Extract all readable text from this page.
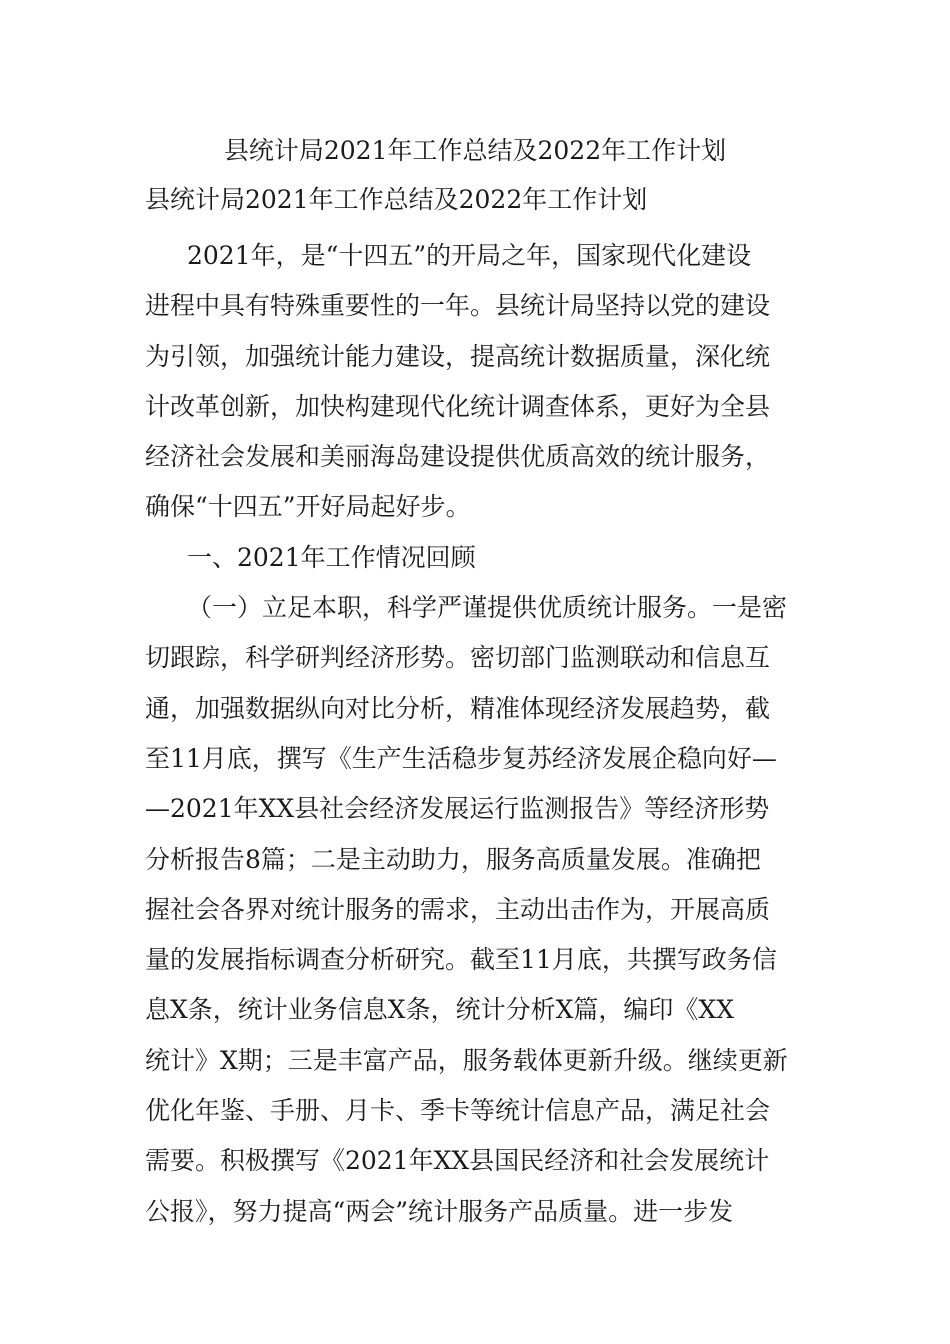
县统计局2021年工作总结及2022年工作计划
县统计局2021年工作总结及2022年工作计划
2021年，是“十四五”的开局之年，国家现代化建设
进程中具有特殊重要性的一年。县统计局坚持以党的建设
为引领，加强统计能力建设，提高统计数据质量，深化统
计改革创新，加快构建现代化统计调查体系，更好为全县
经济社会发展和美丽海岛建设提供优质高效的统计服务，
确保“十四五”开好局起好步。
一、2021年工作情况回顾
（一）立足本职，科学严谨提供优质统计服务。一是密
切跟踪，科学研判经济形势。密切部门监测联动和信息互
通，加强数据纵向对比分析，精准体现经济发展趋势，截
至11月底，撰写《生产生活稳步复苏经济发展企稳向好—
—2021年XX县社会经济发展运行监测报告》等经济形势
分析报告8篇；二是主动助力，服务高质量发展。准确把
握社会各界对统计服务的需求，主动出击作为，开展高质
量的发展指标调查分析研究。截至11月底，共撰写政务信
息X条，统计业务信息X条，统计分析X篇，编印《XX
统计》X期；三是丰富产品，服务载体更新升级。继续更新
优化年鉴、手册、月卡、季卡等统计信息产品，满足社会
需要。积极撰写《2021年XX县国民经济和社会发展统计
公报》，努力提高“两会”统计服务产品质量。进一步发
